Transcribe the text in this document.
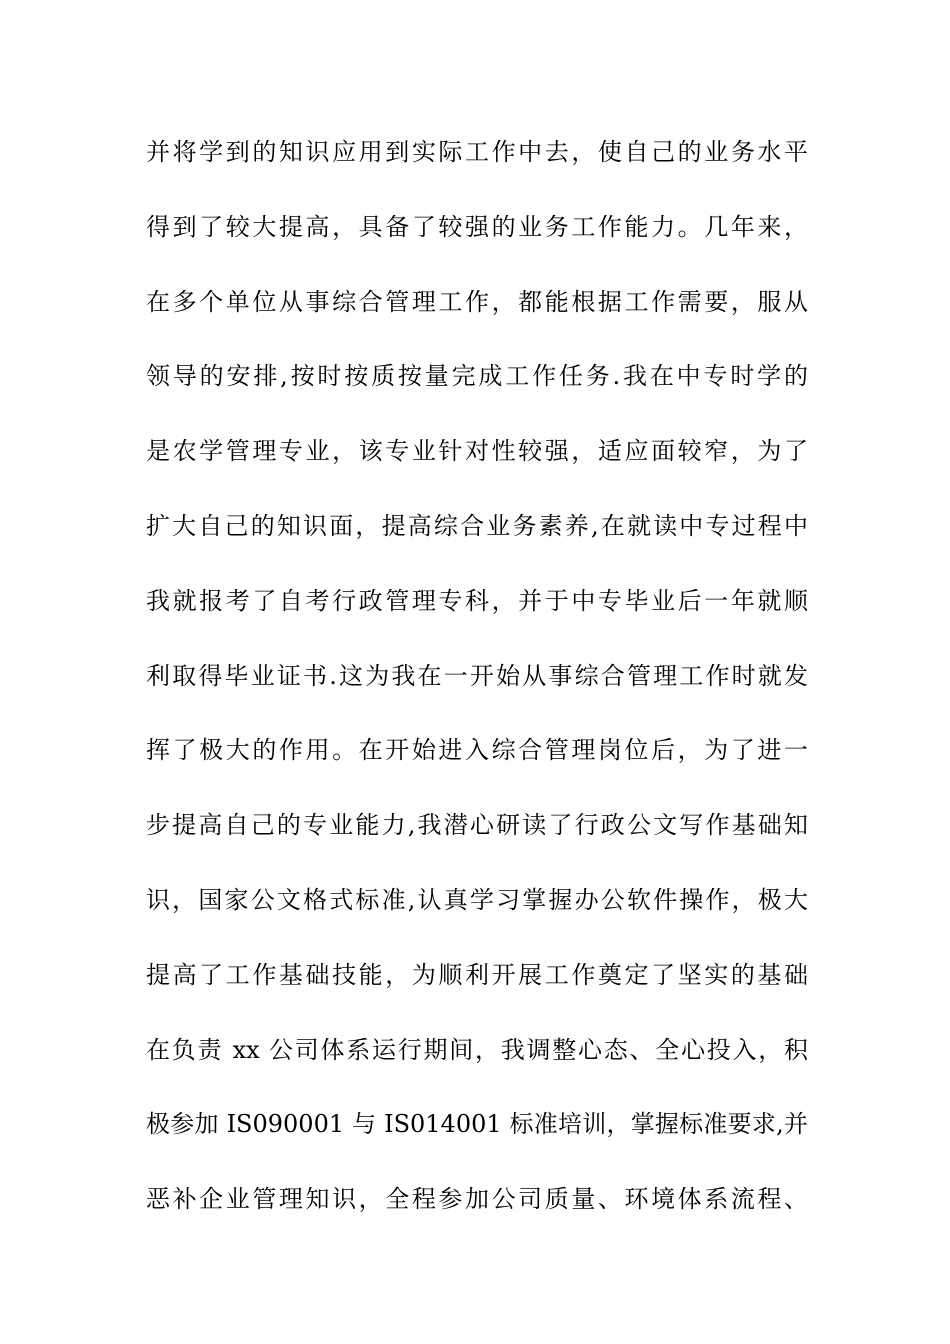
并将学到的知识应用到实际工作中去，使自己的业务水平
得到了较大提高，具备了较强的业务工作能力。几年来，
在多个单位从事综合管理工作，都能根据工作需要，服从
领导的安排,按时按质按量完成工作任务.我在中专时学的
是农学管理专业，该专业针对性较强，适应面较窄，为了
扩大自己的知识面，提高综合业务素养,在就读中专过程中
我就报考了自考行政管理专科，并于中专毕业后一年就顺
利取得毕业证书.这为我在一开始从事综合管理工作时就发
挥了极大的作用。在开始进入综合管理岗位后，为了进一
步提高自己的专业能力,我潜心研读了行政公文写作基础知
识，国家公文格式标准,认真学习掌握办公软件操作，极大
提高了工作基础技能，为顺利开展工作奠定了坚实的基础
在负责 xx 公司体系运行期间，我调整心态、全心投入，积
极参加 IS090001 与 IS014001 标准培训，掌握标准要求,并
恶补企业管理知识，全程参加公司质量、环境体系流程、
